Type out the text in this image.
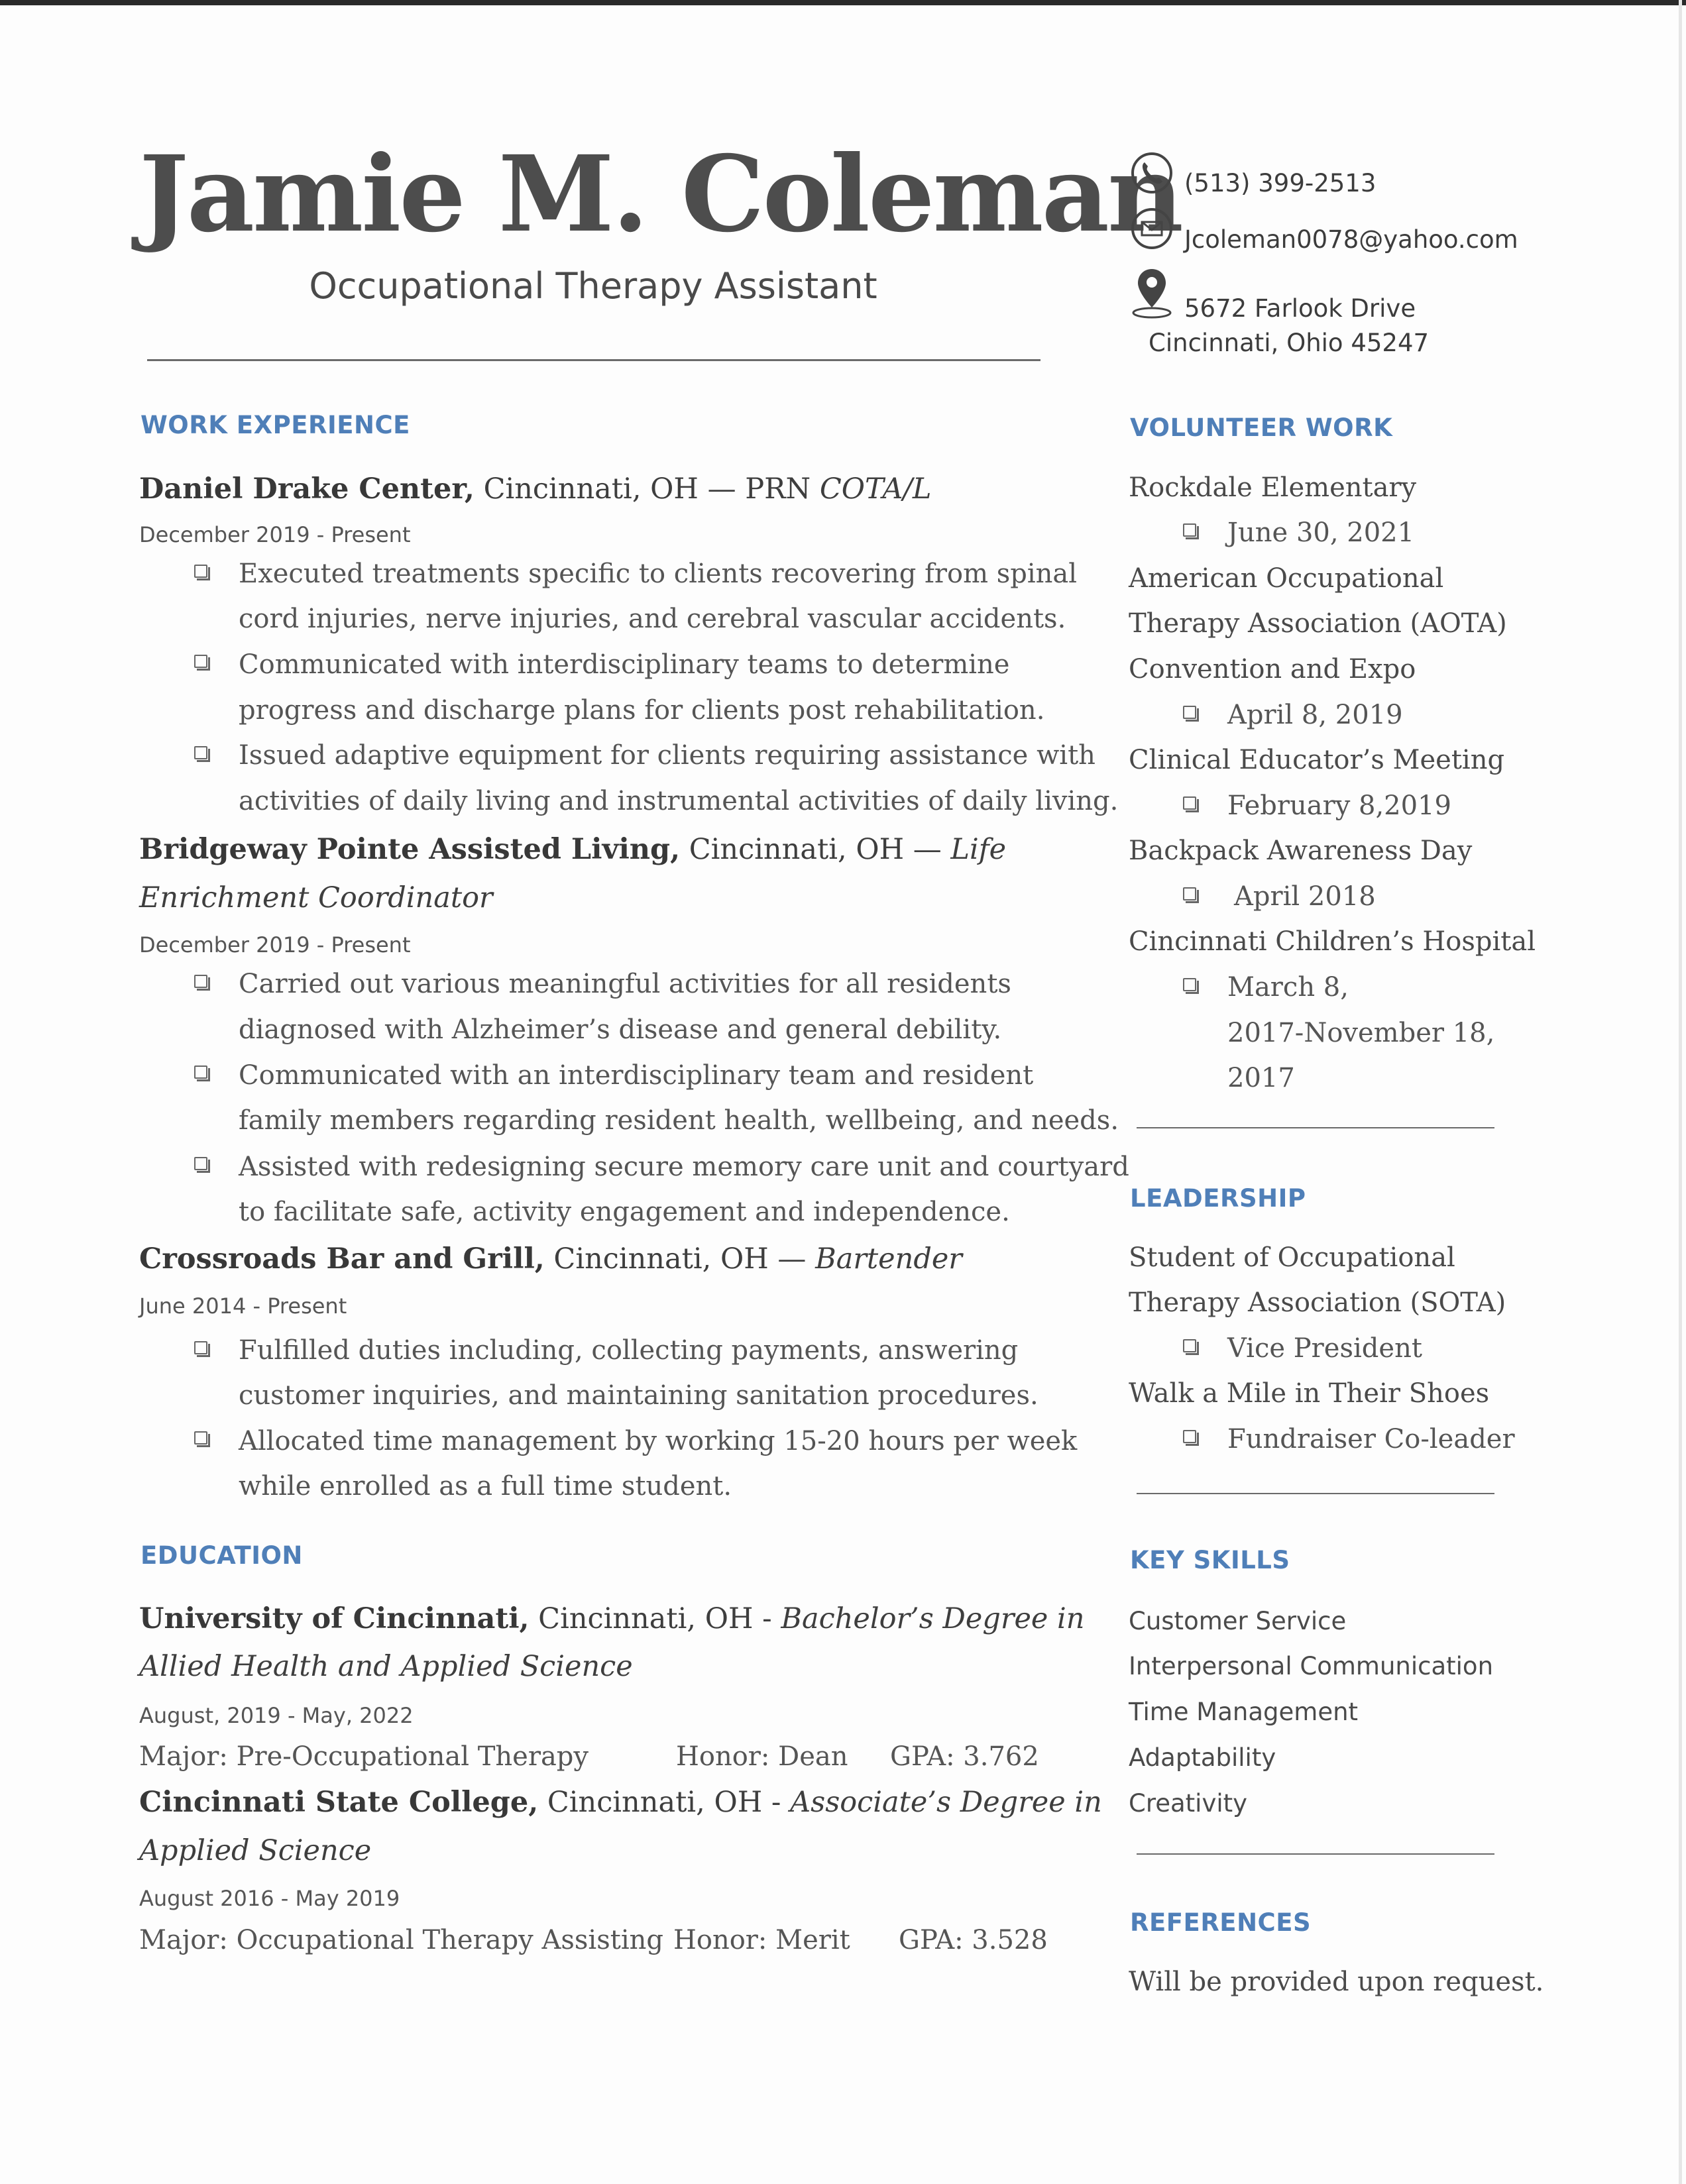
Jamie M. Coleman
Occupational Therapy Assistant
(513) 399-2513
Jcoleman0078@yahoo.com
5672 Farlook Drive
Cincinnati, Ohio 45247
WORK EXPERIENCE
Daniel Drake Center, Cincinnati, OH — PRN COTA/L
December 2019 - Present
Executed treatments specific to clients recovering from spinal
cord injuries, nerve injuries, and cerebral vascular accidents.
Communicated with interdisciplinary teams to determine
progress and discharge plans for clients post rehabilitation.
Issued adaptive equipment for clients requiring assistance with
activities of daily living and instrumental activities of daily living.
Bridgeway Pointe Assisted Living, Cincinnati, OH — Life
Enrichment Coordinator
December 2019 - Present
Carried out various meaningful activities for all residents
diagnosed with Alzheimer’s disease and general debility.
Communicated with an interdisciplinary team and resident
family members regarding resident health, wellbeing, and needs.
Assisted with redesigning secure memory care unit and courtyard
to facilitate safe, activity engagement and independence.
Crossroads Bar and Grill, Cincinnati, OH — Bartender
June 2014 - Present
Fulfilled duties including, collecting payments, answering
customer inquiries, and maintaining sanitation procedures.
Allocated time management by working 15-20 hours per week
while enrolled as a full time student.
EDUCATION
University of Cincinnati, Cincinnati, OH - Bachelor’s Degree in
Allied Health and Applied Science
August, 2019 - May, 2022
Major: Pre-Occupational Therapy	Honor: Dean GPA: 3.762
Cincinnati State College, Cincinnati, OH - Associate’s Degree in
Applied Science
August 2016 - May 2019
Major: Occupational Therapy Assisting Honor: Merit GPA: 3.528
VOLUNTEER WORK
Rockdale Elementary
June 30, 2021
American Occupational
Therapy Association (AOTA)
Convention and Expo
April 8, 2019
Clinical Educator’s Meeting
February 8,2019
Backpack Awareness Day
April 2018
Cincinnati Children’s Hospital
March 8,
2017-November 18,
2017
LEADERSHIP
Student of Occupational
Therapy Association (SOTA)
Vice President
Walk a Mile in Their Shoes
Fundraiser Co-leader
KEY SKILLS
Customer Service
Interpersonal Communication
Time Management
Adaptability
Creativity
REFERENCES
Will be provided upon request.
